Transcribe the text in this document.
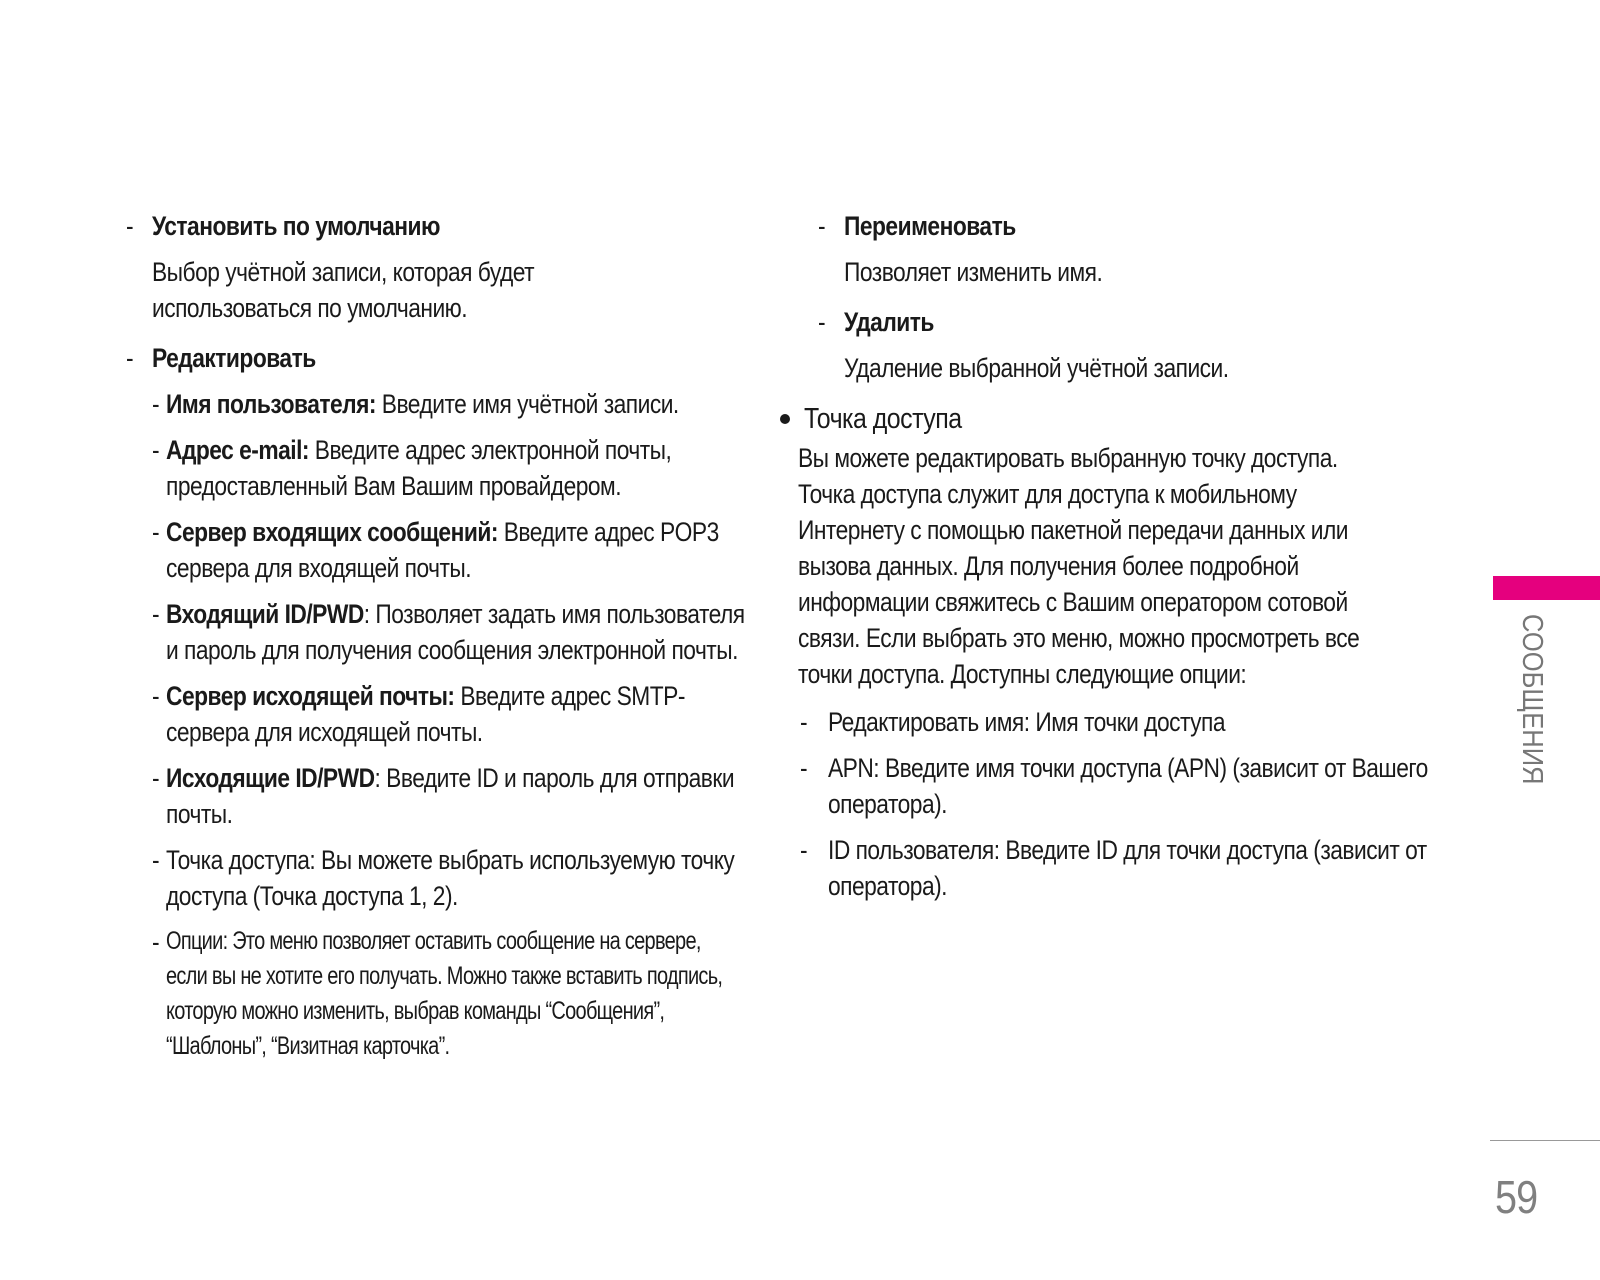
- Установить по умолчанию
Выбор учётной записи, которая будет использоваться по умолчанию.
- Редактировать
- Имя пользователя: Введите имя учётной записи.
- Адрес e-mail: Введите адрес электронной почты, предоставленный Вам Вашим провайдером.
- Сервер входящих сообщений: Введите адрес POP3 сервера для входящей почты.
- Входящий ID/PWD: Позволяет задать имя пользователя и пароль для получения сообщения электронной почты.
- Сервер исходящей почты: Введите адрес SMTP-сервера для исходящей почты.
- Исходящие ID/PWD: Введите ID и пароль для отправки почты.
- Точка доступа: Вы можете выбрать используемую точку доступа (Точка доступа 1, 2).
- Опции: Это меню позволяет оставить сообщение на сервере, если вы не хотите его получать. Можно также вставить подпись, которую можно изменить, выбрав команды “Сообщения”, “Шаблоны”, “Визитная карточка”.
- Переименовать
Позволяет изменить имя.
- Удалить
Удаление выбранной учётной записи.
Точка доступа
Вы можете редактировать выбранную точку доступа. Точка доступа служит для доступа к мобильному Интернету с помощью пакетной передачи данных или вызова данных. Для получения более подробной информации свяжитесь с Вашим оператором сотовой связи. Если выбрать это меню, можно просмотреть все точки доступа. Доступны следующие опции:
- Редактировать имя: Имя точки доступа
- APN: Введите имя точки доступа (APN) (зависит от Вашего оператора).
- ID пользователя: Введите ID для точки доступа (зависит от оператора).
СООБЩЕНИЯ
59
